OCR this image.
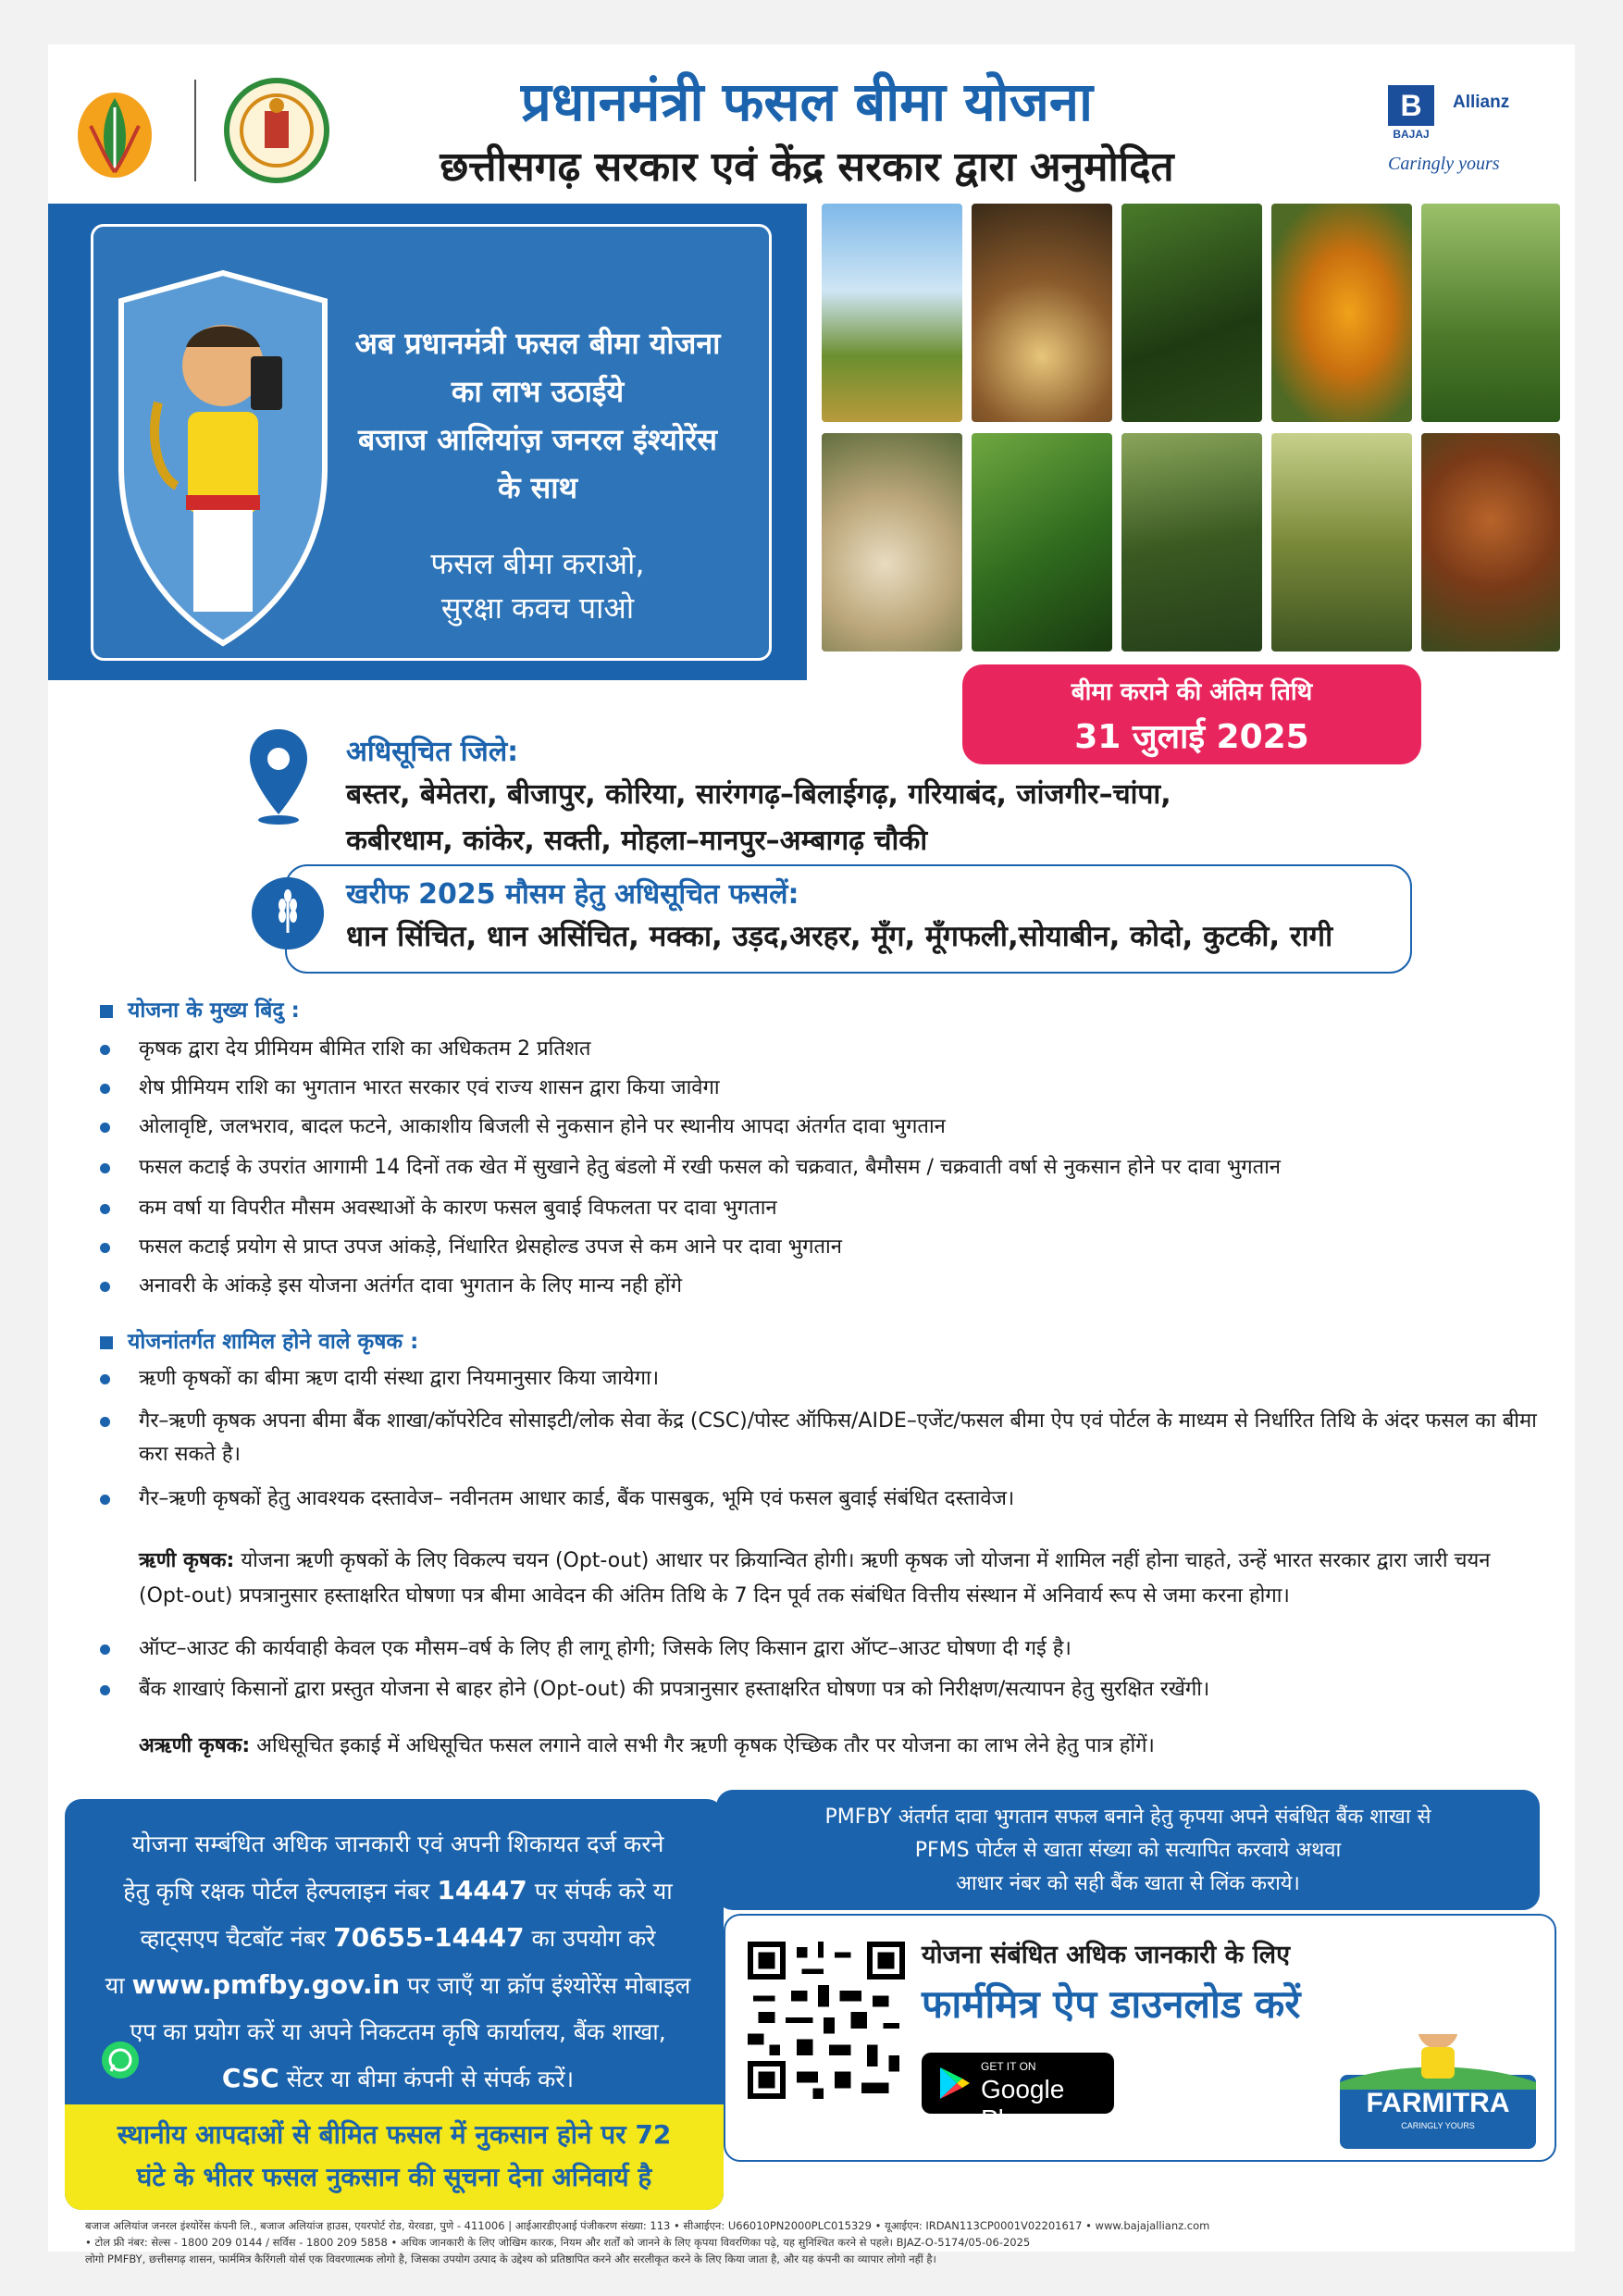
प्रधानमंत्री फसल बीमा योजना
छत्तीसगढ़ सरकार एवं केंद्र सरकार द्वारा अनुमोदित
B
BAJAJ
Allianz
Caringly yours
अब प्रधानमंत्री फसल बीमा योजना
का लाभ उठाईये
बजाज आलियांज़ जनरल इंश्योरेंस
के साथ
फसल बीमा कराओ,
सुरक्षा कवच पाओ
बीमा कराने की अंतिम तिथि
31 जुलाई 2025
अधिसूचित जिले:
बस्तर, बेमेतरा, बीजापुर, कोरिया, सारंगगढ़–बिलाईगढ़, गरियाबंद, जांजगीर–चांपा,
कबीरधाम, कांकेर, सक्ती, मोहला–मानपुर–अम्बागढ़ चौकी
खरीफ 2025 मौसम हेतु अधिसूचित फसलें:
धान सिंचित, धान असिंचित, मक्का, उड़द,अरहर, मूँग, मूँगफली,सोयाबीन, कोदो, कुटकी, रागी
योजना के मुख्य बिंदु :
कृषक द्वारा देय प्रीमियम बीमित राशि का अधिकतम 2 प्रतिशत
शेष प्रीमियम राशि का भुगतान भारत सरकार एवं राज्य शासन द्वारा किया जावेगा
ओलावृष्टि, जलभराव, बादल फटने, आकाशीय बिजली से नुकसान होने पर स्थानीय आपदा अंतर्गत दावा भुगतान
फसल कटाई के उपरांत आगामी 14 दिनों तक खेत में सुखाने हेतु बंडलो में रखी फसल को चक्रवात, बैमौसम / चक्रवाती वर्षा से नुकसान होने पर दावा भुगतान
कम वर्षा या विपरीत मौसम अवस्थाओं के कारण फसल बुवाई विफलता पर दावा भुगतान
फसल कटाई प्रयोग से प्राप्त उपज आंकड़े, निंधारित थ्रेसहोल्ड उपज से कम आने पर दावा भुगतान
अनावरी के आंकड़े इस योजना अतंर्गत दावा भुगतान के लिए मान्य नही होंगे
योजनांतर्गत शामिल होने वाले कृषक :
ऋणी कृषकों का बीमा ऋण दायी संस्था द्वारा नियमानुसार किया जायेगा।
गैर–ऋणी कृषक अपना बीमा बैंक शाखा/कॉपरेटिव सोसाइटी/लोक सेवा केंद्र (CSC)/पोस्ट ऑफिस/AIDE–एजेंट/फसल बीमा ऐप एवं पोर्टल के माध्यम से निर्धारित तिथि के अंदर फसल का बीमा करा सकते है।
गैर–ऋणी कृषकों हेतु आवश्यक दस्तावेज– नवीनतम आधार कार्ड, बैंक पासबुक, भूमि एवं फसल बुवाई संबंधित दस्तावेज।
ऋणी कृषक: योजना ऋणी कृषकों के लिए विकल्प चयन (Opt-out) आधार पर क्रियान्वित होगी। ऋणी कृषक जो योजना में शामिल नहीं होना चाहते, उन्हें भारत सरकार द्वारा जारी चयन (Opt-out) प्रपत्रानुसार हस्ताक्षरित घोषणा पत्र बीमा आवेदन की अंतिम तिथि के 7 दिन पूर्व तक संबंधित वित्तीय संस्थान में अनिवार्य रूप से जमा करना होगा।
ऑप्ट–आउट की कार्यवाही केवल एक मौसम–वर्ष के लिए ही लागू होगी; जिसके लिए किसान द्वारा ऑप्ट–आउट घोषणा दी गई है।
बैंक शाखाएं किसानों द्वारा प्रस्तुत योजना से बाहर होने (Opt-out) की प्रपत्रानुसार हस्ताक्षरित घोषणा पत्र को निरीक्षण/सत्यापन हेतु सुरक्षित रखेंगी।
अऋणी कृषक: अधिसूचित इकाई में अधिसूचित फसल लगाने वाले सभी गैर ऋणी कृषक ऐच्छिक तौर पर योजना का लाभ लेने हेतु पात्र होंगें।
योजना सम्बंधित अधिक जानकारी एवं अपनी शिकायत दर्ज करने
हेतु कृषि रक्षक पोर्टल हेल्पलाइन नंबर 14447 पर संपर्क करे या
व्हाट्सएप चैटबॉट नंबर 70655-14447 का उपयोग करे
या www.pmfby.gov.in पर जाएँ या क्रॉप इंश्योरेंस मोबाइल
एप का प्रयोग करें या अपने निकटतम कृषि कार्यालय, बैंक शाखा,
CSC सेंटर या बीमा कंपनी से संपर्क करें।
स्थानीय आपदाओं से बीमित फसल में नुकसान होने पर 72
घंटे के भीतर फसल नुकसान की सूचना देना अनिवार्य है
PMFBY अंतर्गत दावा भुगतान सफल बनाने हेतु कृपया अपने संबंधित बैंक शाखा से
PFMS पोर्टल से खाता संख्या को सत्यापित करवाये अथवा
आधार नंबर को सही बैंक खाता से लिंक कराये।
योजना संबंधित अधिक जानकारी के लिए
फार्ममित्र ऐप डाउनलोड करें
GET IT ON
Google Play
FARMITRA
CARINGLY YOURS
बजाज अलियांज जनरल इंश्योरेंस कंपनी लि., बजाज अलियांज हाउस, एयरपोर्ट रोड, येरवडा, पुणे - 411006 | आईआरडीएआई पंजीकरण संख्या: 113 • सीआईएन: U66010PN2000PLC015329 • यूआईएन: IRDAN113CP0001V02201617 • www.bajajallianz.com
• टोल फ्री नंबर: सेल्स - 1800 209 0144 / सर्विस - 1800 209 5858 • अधिक जानकारी के लिए जोखिम कारक, नियम और शर्तों को जानने के लिए कृपया विवरणिका पढ़े, यह सुनिश्चित करने से पहले। BJAZ-O-5174/05-06-2025
लोगो PMFBY, छत्तीसगढ़ शासन, फार्ममित्र कैरिंगली योर्स एक विवरणात्मक लोगो है, जिसका उपयोग उत्पाद के उद्देश्य को प्रतिष्ठापित करने और सरलीकृत करने के लिए किया जाता है, और यह कंपनी का व्यापार लोगो नहीं है।
